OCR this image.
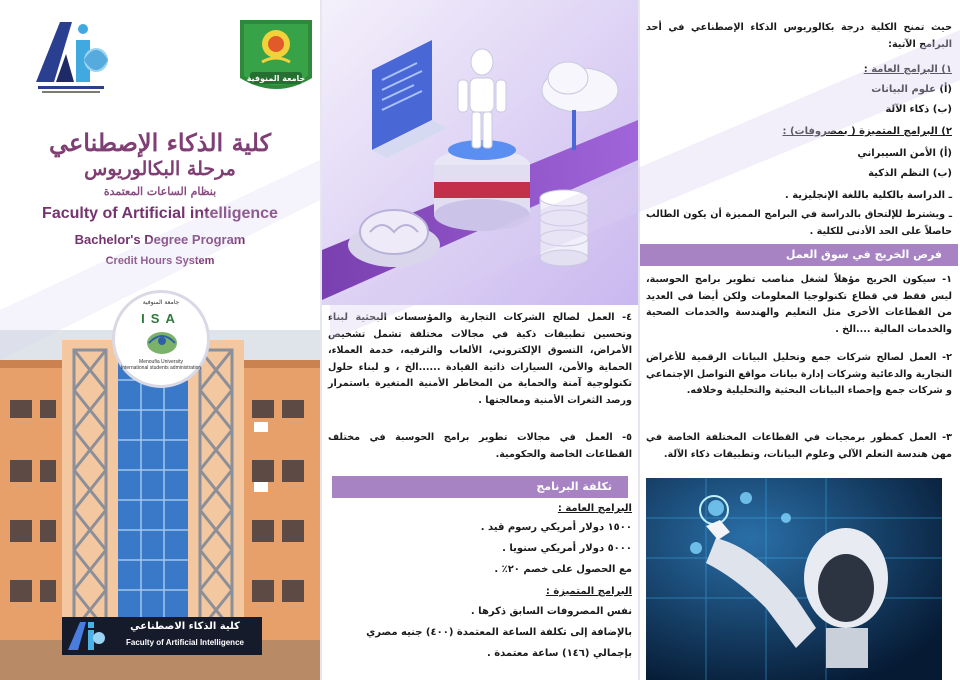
جامعة المنوفية
كلية الذكاء الإصطناعي
مرحلة البكالوريوس
بنظام الساعات المعتمدة
Faculty of Artificial intelligence
Bachelor's Degree Program
Credit Hours System
جامعة المنوفية
ISA
Menoufia University
International students administration
كلية الذكاء الاصطناعي
Faculty of Artificial Intelligence
٤- العمل لصالح الشركات التجارية والمؤسسات البحثية لبناء وتحسين تطبيقات ذكية في مجالات مختلفة تشمل تشخيص الأمراض، التسوق الإلكتروني، الألعاب والترفيه، خدمة العملاء، الحماية والأمن، السيارات ذاتية القيادة ......الخ ، و لبناء حلول تكنولوجية آمنة والحماية من المخاطر الأمنية المتغيرة باستمرار ورصد الثغرات الأمنية ومعالجتها .
٥- العمل في مجالات تطوير برامج الحوسبة في مختلف القطاعات الخاصة والحكومية.
تكلفة البرنامج
البرامج العامة :
١٥٠٠ دولار أمريكي رسوم قيد .
٥٠٠٠ دولار أمريكي سنويا .
مع الحصول على خصم ٢٠٪ .
البرامج المتميزة :
نفس المصروفات السابق ذكرها .
بالإضافة إلى تكلفة الساعة المعتمدة (٤٠٠) جنيه مصري
بإجمالي (١٤٦) ساعة معتمدة .
حيث تمنح الكلية درجة بكالوريوس الذكاء الإصطناعي في أحد البرامج الآتية:
١) البرامج العامة :
(أ) علوم البيانات
(ب) ذكاء الآلة
٢) البرامج المتميزة ( بمصروفات) :
(أ) الأمن السيبراني
(ب) النظم الذكية
ـ الدراسة بالكلية باللغة الإنجليزية .
ـ ويشترط للإلتحاق بالدراسة في البرامج المميزة أن يكون الطالب حاصلاً على الحد الأدنى للكلية .
فرص الخريج في سوق العمل
١- سيكون الخريج مؤهلاً لشغل مناصب تطوير برامج الحوسبة، ليس فقط في قطاع تكنولوجيا المعلومات ولكن أيضا في العديد من القطاعات الأخرى مثل التعليم والهندسة والخدمات الصحية والخدمات المالية ....الخ .
٢- العمل لصالح شركات جمع وتحليل البيانات الرقمية للأغراض التجارية والدعائية وشركات إدارة بيانات مواقع التواصل الإجتماعي و شركات جمع وإحصاء البيانات البحثية والتحليلية وخلافه.
٣- العمل كمطور برمجيات في القطاعات المختلفة الخاصة في مهن هندسة التعلم الآلي وعلوم البيانات، وتطبيقات ذكاء الآلة.
